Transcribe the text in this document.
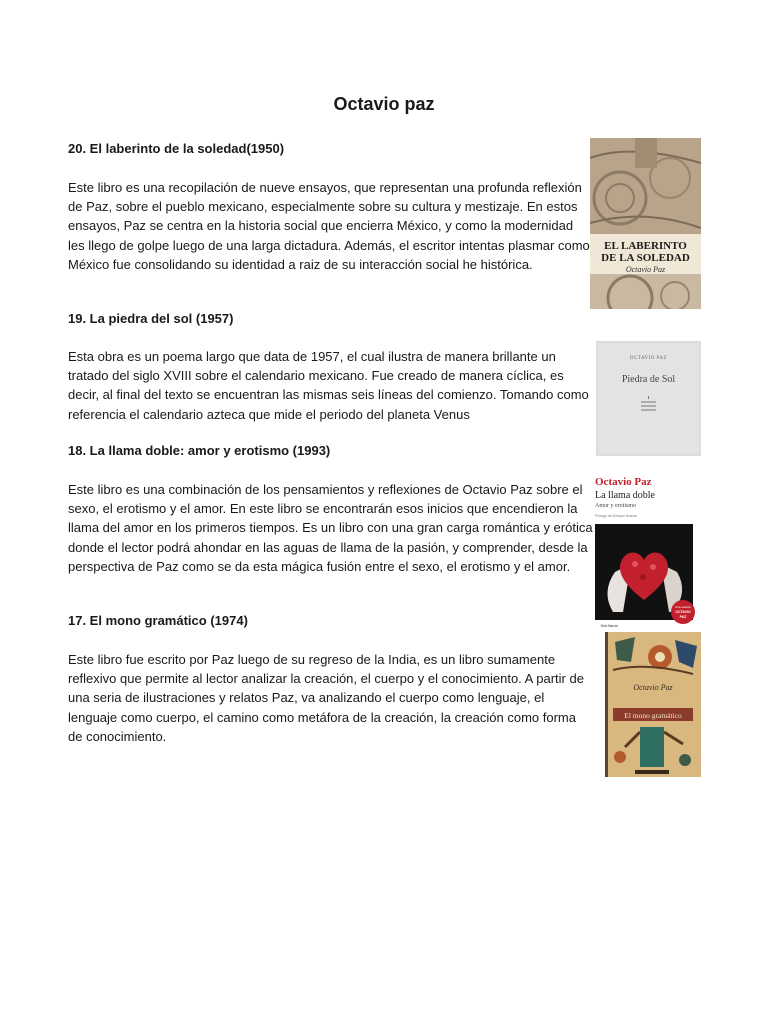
Octavio paz
20. El laberinto de la soledad(1950)

Este libro es una recopilación de nueve ensayos, que representan una profunda reflexión de Paz, sobre el pueblo mexicano, especialmente sobre su cultura y mestizaje. En estos ensayos, Paz se centra en la historia social que encierra México, y como la modernidad les llego de golpe luego de una larga dictadura. Además, el escritor intentas plasmar como México fue consolidando su identidad a raiz de su interacción social he histórica.

EL LABERINTO
DE LA SOLEDAD
Octavio Paz
19. La piedra del sol (1957)

Esta obra es un poema largo que data de 1957, el cual ilustra de manera brillante un tratado del siglo XVIII sobre el calendario mexicano. Fue creado de manera cíclica, es decir, al final del texto se encuentran las mismas seis líneas del comienzo. Tomando como referencia el calendario azteca que mide el periodo del planeta Venus

OCTAVIO PAZ
Piedra de Sol
18. La llama doble: amor y erotismo (1993)

Este libro es una combinación de los pensamientos y reflexiones de Octavio Paz sobre el sexo, el erotismo y el amor. En este libro se encontrarán esos inicios que encendieron la llama del amor en los primeros tiempos. Es un libro con una gran carga romántica y erótica donde el lector podrá ahondar en las aguas de llama de la pasión, y comprender, desde la perspectiva de Paz como se da esta mágica fusión entre el sexo, el erotismo y el amor.

Octavio Paz
La llama doble
Amor y erotismo
Prólogo de Enrique Krauze
Una edición
OCTAVIO
PAZ
Seix Barral
17. El mono gramático (1974)

Este libro fue escrito por Paz luego de su regreso de la India, es un libro sumamente reflexivo que permite al lector analizar la creación, el cuerpo y el conocimiento. A partir de una seria de ilustraciones y relatos Paz, va analizando el cuerpo como lenguaje, el lenguaje como cuerpo, el camino como metáfora de la creación, la creación como forma de conocimiento.

Octavio Paz
El mono gramático
